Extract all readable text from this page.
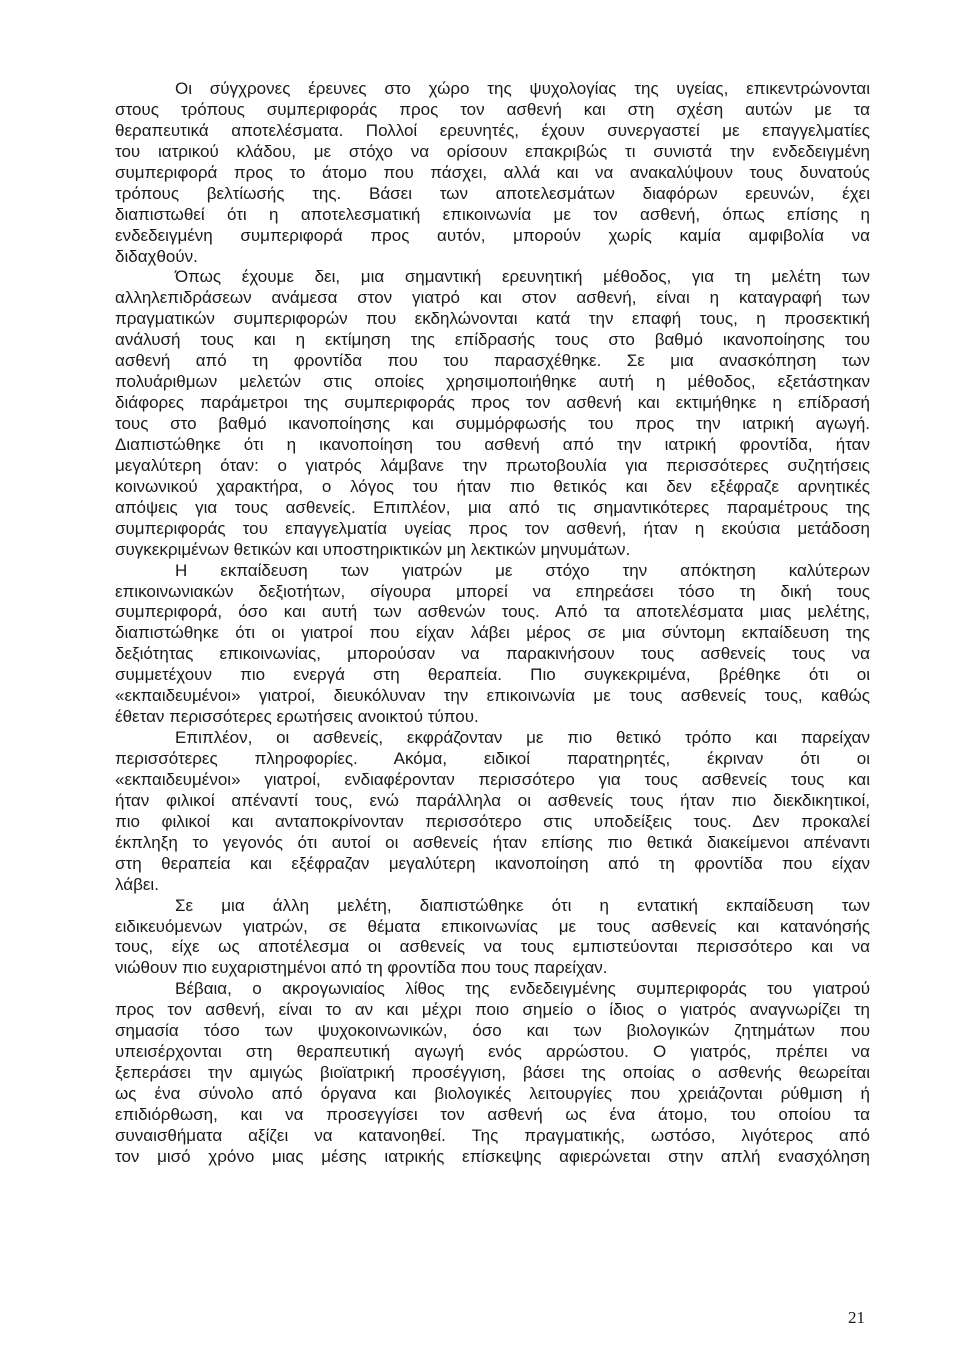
Οι σύγχρονες έρευνες στο χώρο της ψυχολογίας της υγείας, επικεντρώνονται
στους τρόπους συμπεριφοράς προς τον ασθενή και στη σχέση αυτών με τα
θεραπευτικά αποτελέσματα. Πολλοί ερευνητές, έχουν συνεργαστεί με επαγγελματίες
του ιατρικού κλάδου, με στόχο να ορίσουν επακριβώς τι συνιστά την ενδεδειγμένη
συμπεριφορά προς το άτομο που πάσχει, αλλά και να ανακαλύψουν τους δυνατούς
τρόπους βελτίωσής της. Βάσει των αποτελεσμάτων διαφόρων ερευνών, έχει
διαπιστωθεί ότι η αποτελεσματική επικοινωνία με τον ασθενή, όπως επίσης η
ενδεδειγμένη συμπεριφορά προς αυτόν, μπορούν χωρίς καμία αμφιβολία να
διδαχθούν.
Όπως έχουμε δει, μια σημαντική ερευνητική μέθοδος, για τη μελέτη των
αλληλεπιδράσεων ανάμεσα στον γιατρό και στον ασθενή, είναι η καταγραφή των
πραγματικών συμπεριφορών που εκδηλώνονται κατά την επαφή τους, η προσεκτική
ανάλυσή τους και η εκτίμηση της επίδρασής τους στο βαθμό ικανοποίησης του
ασθενή από τη φροντίδα που του παρασχέθηκε. Σε μια ανασκόπηση των
πολυάριθμων μελετών στις οποίες χρησιμοποιήθηκε αυτή η μέθοδος, εξετάστηκαν
διάφορες παράμετροι της συμπεριφοράς προς τον ασθενή και εκτιμήθηκε η επίδρασή
τους στο βαθμό ικανοποίησης και συμμόρφωσής του προς την ιατρική αγωγή.
Διαπιστώθηκε ότι η ικανοποίηση του ασθενή από την ιατρική φροντίδα, ήταν
μεγαλύτερη όταν: ο γιατρός λάμβανε την πρωτοβουλία για περισσότερες συζητήσεις
κοινωνικού χαρακτήρα, ο λόγος του ήταν πιο θετικός και δεν εξέφραζε αρνητικές
απόψεις για τους ασθενείς. Επιπλέον, μια από τις σημαντικότερες παραμέτρους της
συμπεριφοράς του επαγγελματία υγείας προς τον ασθενή, ήταν η εκούσια μετάδοση
συγκεκριμένων θετικών και υποστηρικτικών μη λεκτικών μηνυμάτων.
Η εκπαίδευση των γιατρών με στόχο την απόκτηση καλύτερων
επικοινωνιακών δεξιοτήτων, σίγουρα μπορεί να επηρεάσει τόσο τη δική τους
συμπεριφορά, όσο και αυτή των ασθενών τους. Από τα αποτελέσματα μιας μελέτης,
διαπιστώθηκε ότι οι γιατροί που είχαν λάβει μέρος σε μια σύντομη εκπαίδευση της
δεξιότητας επικοινωνίας, μπορούσαν να παρακινήσουν τους ασθενείς τους να
συμμετέχουν πιο ενεργά στη θεραπεία. Πιο συγκεκριμένα, βρέθηκε ότι οι
«εκπαιδευμένοι» γιατροί, διευκόλυναν την επικοινωνία με τους ασθενείς τους, καθώς
έθεταν περισσότερες ερωτήσεις ανοικτού τύπου.
Επιπλέον, οι ασθενείς, εκφράζονταν με πιο θετικό τρόπο και παρείχαν
περισσότερες πληροφορίες. Ακόμα, ειδικοί παρατηρητές, έκριναν ότι οι
«εκπαιδευμένοι» γιατροί, ενδιαφέρονταν περισσότερο για τους ασθενείς τους και
ήταν φιλικοί απέναντί τους, ενώ παράλληλα οι ασθενείς τους ήταν πιο διεκδικητικοί,
πιο φιλικοί και ανταποκρίνονταν περισσότερο στις υποδείξεις τους. Δεν προκαλεί
έκπληξη το γεγονός ότι αυτοί οι ασθενείς ήταν επίσης πιο θετικά διακείμενοι απέναντι
στη θεραπεία και εξέφραζαν μεγαλύτερη ικανοποίηση από τη φροντίδα που είχαν
λάβει.
Σε μια άλλη μελέτη, διαπιστώθηκε ότι η εντατική εκπαίδευση των
ειδικευόμενων γιατρών, σε θέματα επικοινωνίας με τους ασθενείς και κατανόησής
τους, είχε ως αποτέλεσμα οι ασθενείς να τους εμπιστεύονται περισσότερο και να
νιώθουν πιο ευχαριστημένοι από τη φροντίδα που τους παρείχαν.
Βέβαια, ο ακρογωνιαίος λίθος της ενδεδειγμένης συμπεριφοράς του γιατρού
προς τον ασθενή, είναι το αν και μέχρι ποιο σημείο ο ίδιος ο γιατρός αναγνωρίζει τη
σημασία τόσο των ψυχοκοινωνικών, όσο και των βιολογικών ζητημάτων που
υπεισέρχονται στη θεραπευτική αγωγή ενός αρρώστου. Ο γιατρός, πρέπει να
ξεπεράσει την αμιγώς βιοϊατρική προσέγγιση, βάσει της οποίας ο ασθενής θεωρείται
ως ένα σύνολο από όργανα και βιολογικές λειτουργίες που χρειάζονται ρύθμιση ή
επιδιόρθωση, και να προσεγγίσει τον ασθενή ως ένα άτομο, του οποίου τα
συναισθήματα αξίζει να κατανοηθεί. Της πραγματικής, ωστόσο, λιγότερος από
τον μισό χρόνο μιας μέσης ιατρικής επίσκεψης αφιερώνεται στην απλή ενασχόληση
21
